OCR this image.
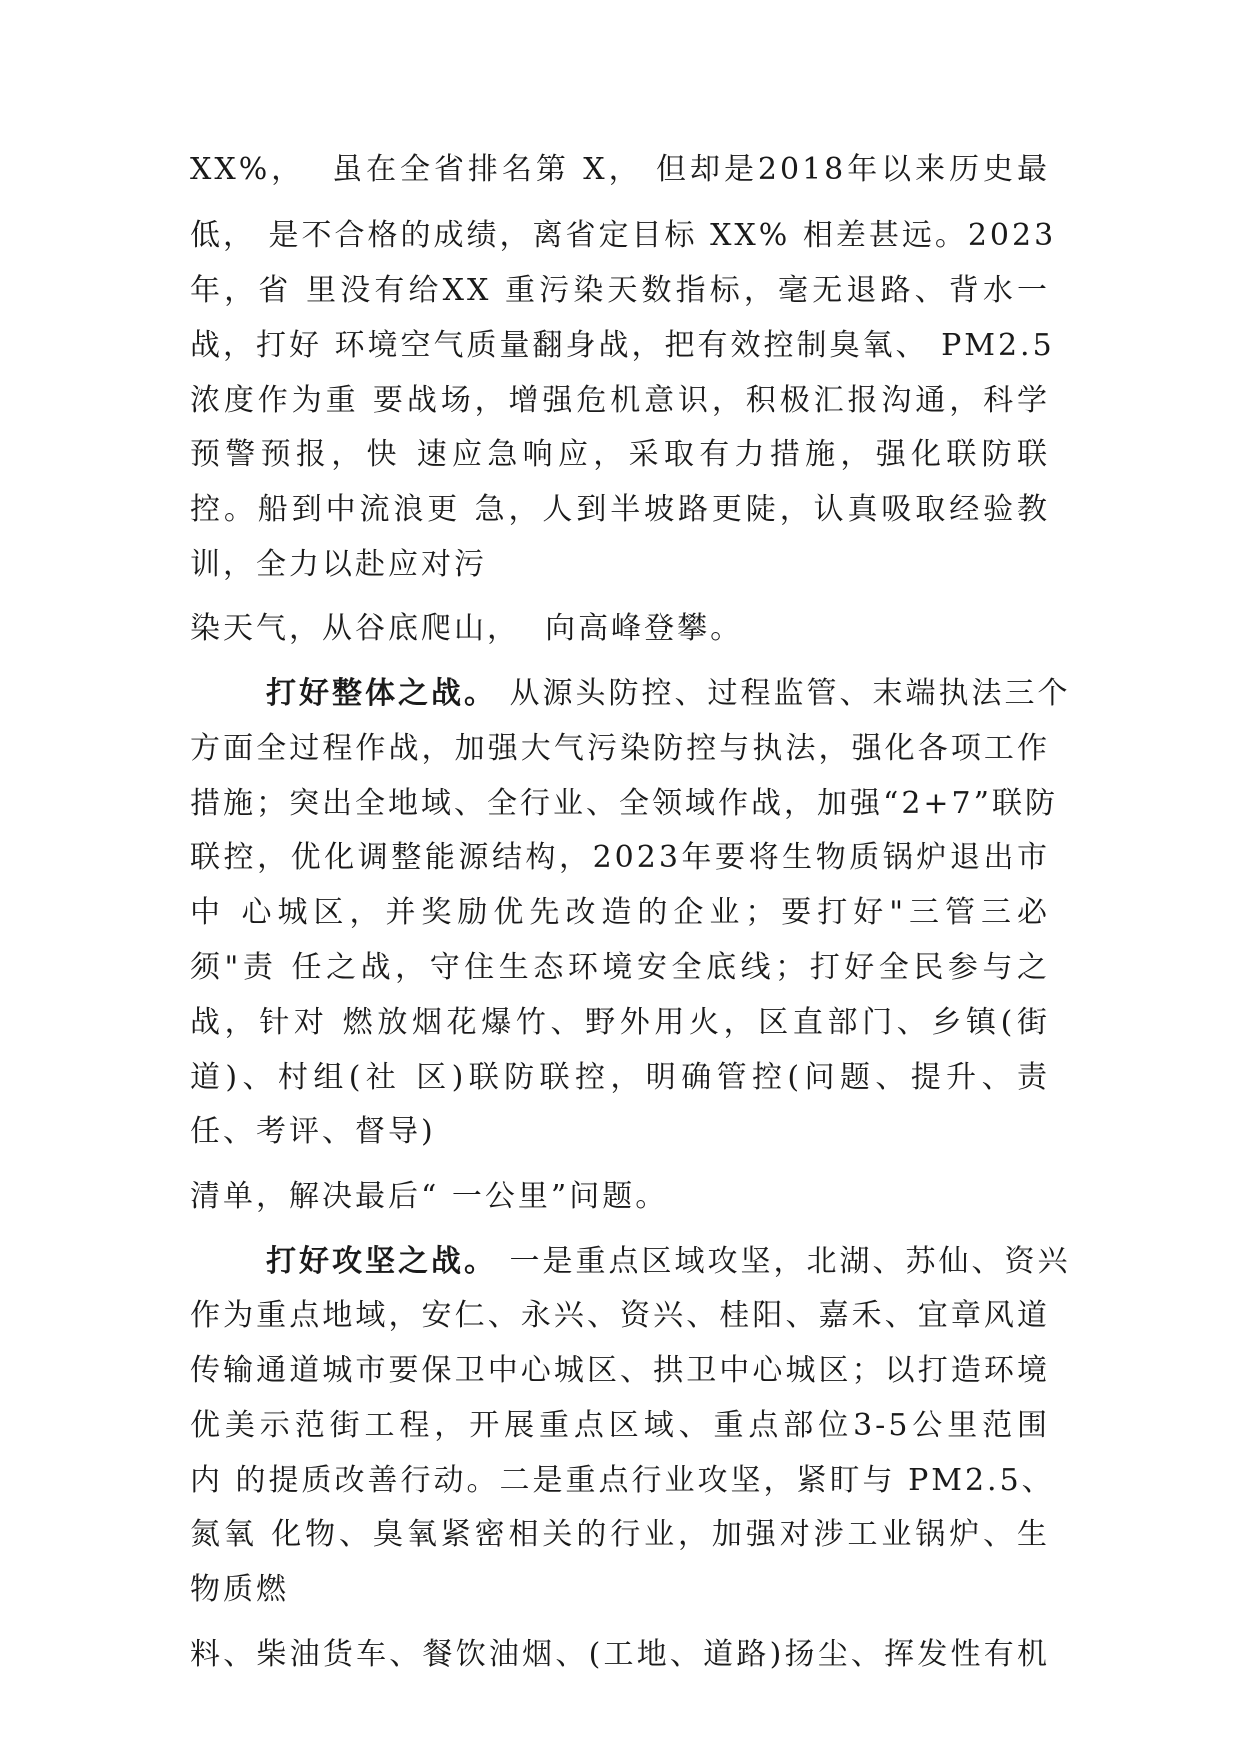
XX%，  虽在全省排名第 X， 但却是2018年以来历史最
低， 是不合格的成绩，离省定目标 XX% 相差甚远。2023
年，省 里没有给XX 重污染天数指标，毫无退路、背水一
战，打好 环境空气质量翻身战，把有效控制臭氧、 PM2.5
浓度作为重 要战场，增强危机意识，积极汇报沟通，科学
预警预报，快 速应急响应，采取有力措施，强化联防联
控。船到中流浪更 急，人到半坡路更陡，认真吸取经验教
训，全力以赴应对污
染天气，从谷底爬山，  向高峰登攀。
打好整体之战。 从源头防控、过程监管、末端执法三个
方面全过程作战，加强大气污染防控与执法，强化各项工作
措施；突出全地域、全行业、全领域作战，加强“2+7”联防
联控，优化调整能源结构，2023年要将生物质锅炉退出市
中 心城区，并奖励优先改造的企业；要打好"三管三必
须"责 任之战，守住生态环境安全底线；打好全民参与之
战，针对 燃放烟花爆竹、野外用火，区直部门、乡镇(街
道)、村组(社 区)联防联控，明确管控(问题、提升、责
任、考评、督导)
清单，解决最后“ 一公里”问题。
打好攻坚之战。 一是重点区域攻坚，北湖、苏仙、资兴
作为重点地域，安仁、永兴、资兴、桂阳、嘉禾、宜章风道
传输通道城市要保卫中心城区、拱卫中心城区；以打造环境
优美示范街工程，开展重点区域、重点部位3-5公里范围
内 的提质改善行动。二是重点行业攻坚，紧盯与 PM2.5、
氮氧 化物、臭氧紧密相关的行业，加强对涉工业锅炉、生
物质燃
料、柴油货车、餐饮油烟、(工地、道路)扬尘、挥发性有机
